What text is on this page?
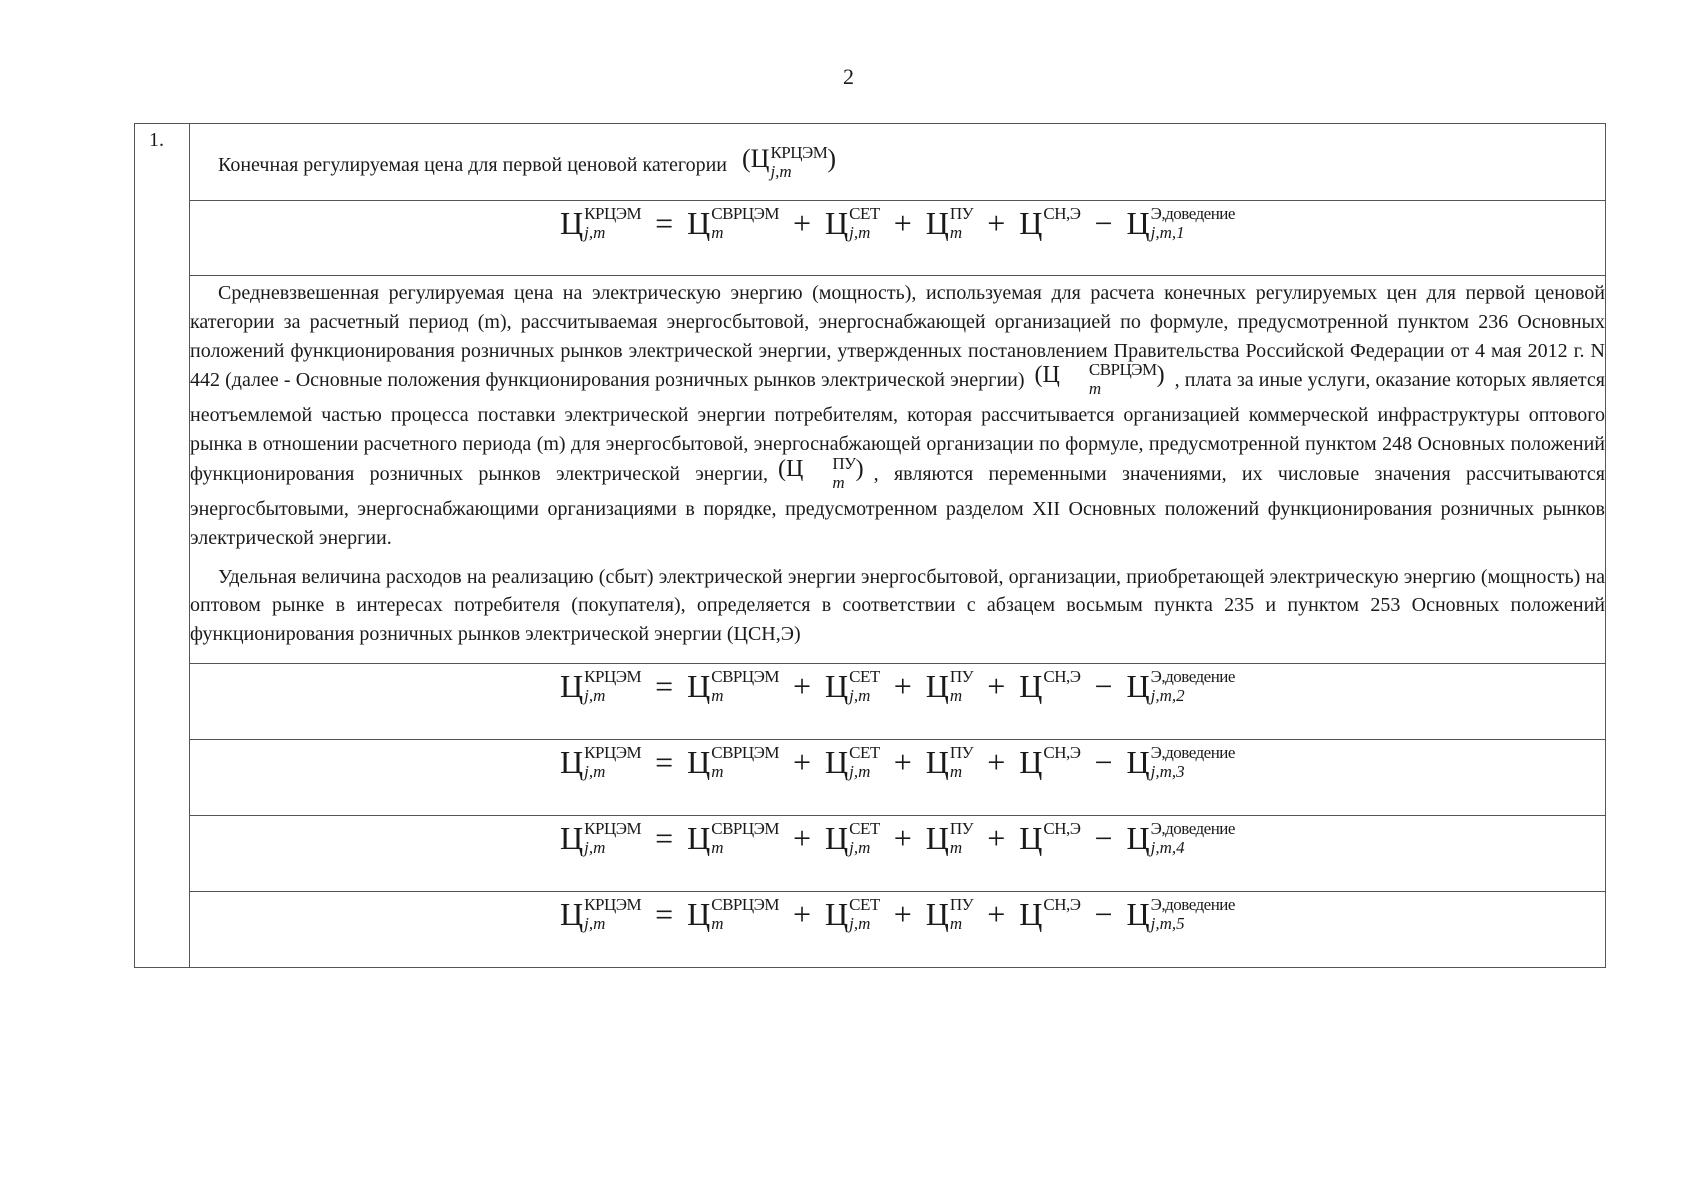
2
1.	Конечная регулируемая цена для первой ценовой категории (Ц КРЦЭМ
j,m	)
Ц КРЦЭМ
j,m	= Ц СВРЦЭМ
m	+ Ц СЕТ
j,m + Ц ПУ
m + Ц СН,Э − Ц Э,доведение
j,m,1

Средневзвешенная регулируемая цена на электрическую энергию (мощность), используемая для расчета конечных регулируемых цен для первой ценовой категории за расчетный период (m), рассчитываемая энергосбытовой, энергоснабжающей организацией по формуле, предусмотренной пунктом 236 Основных положений функционирования розничных рынков электрической энергии, утвержденных постановлением Правительства Российской Федерации от 4 мая 2012 г. N 442 (далее - Основные положения функционирования розничных рынков электрической энергии) (Ц	СВРЦЭМ
m
) , плата за иные услуги, оказание которых является неотъемлемой частью процесса поставки электрической энергии потребителям, которая рассчитывается организацией коммерческой инфраструктуры оптового рынка в отношении расчетного периода (m) для энергосбытовой, энергоснабжающей организации по формуле, предусмотренной пунктом 248 Основных положений функционирования розничных рынков электрической энергии, (Ц	ПУ
m
) , являются переменными значениями, их числовые значения рассчитываются энергосбытовыми, энергоснабжающими организациями в порядке, предусмотренном разделом XII Основных положений функционирования розничных рынков электрической энергии.

Удельная величина расходов на реализацию (сбыт) электрической энергии энергосбытовой, организации, приобретающей электрическую энергию (мощность) на оптовом рынке в интересах потребителя (покупателя), определяется в соответствии с абзацем восьмым пункта 235 и пунктом 253 Основных положений функционирования розничных рынков электрической энергии (ЦСН,Э)

Ц КРЦЭМ
j,m	= Ц СВРЦЭМ
m	+ Ц СЕТ
j,m + Ц ПУ
m + Ц СН,Э − Ц Э,доведение
j,m,2

Ц КРЦЭМ
j,m	= Ц СВРЦЭМ
m	+ Ц СЕТ
j,m + Ц ПУ
m + Ц СН,Э − Ц Э,доведение
j,m,3

Ц КРЦЭМ
j,m	= Ц СВРЦЭМ
m	+ Ц СЕТ
j,m + Ц ПУ
m + Ц СН,Э − Ц Э,доведение
j,m,4

Ц КРЦЭМ
j,m	= Ц СВРЦЭМ
m	+ Ц СЕТ
j,m + Ц ПУ
m + Ц СН,Э − Ц Э,доведение
j,m,5
